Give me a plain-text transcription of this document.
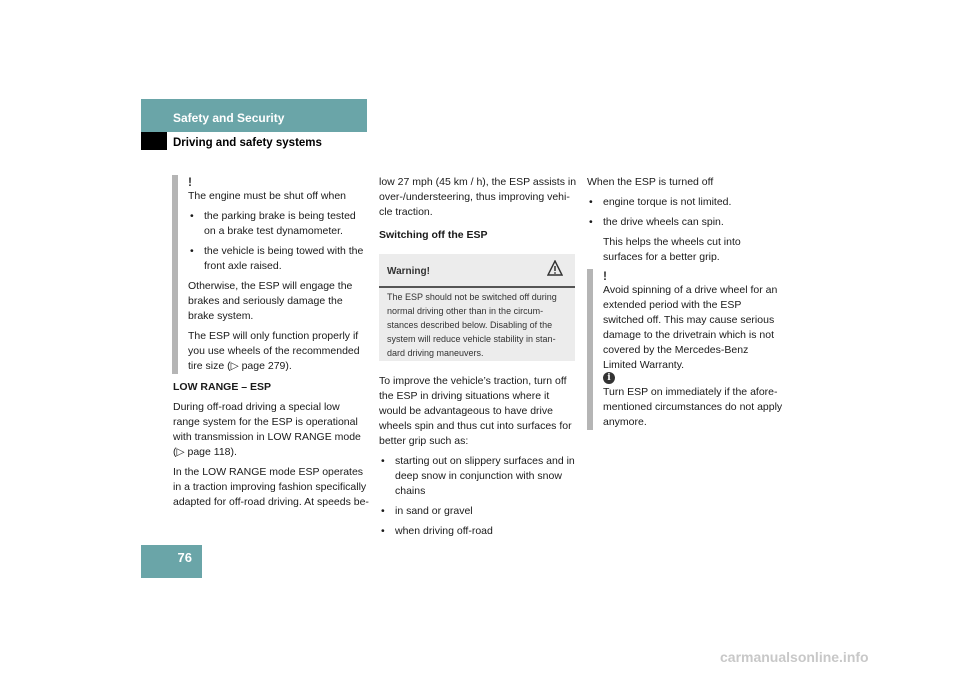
Safety and Security
Driving and safety systems
!

The engine must be shut off when

• the parking brake is being tested on a brake test dynamometer.
• the vehicle is being towed with the front axle raised.

Otherwise, the ESP will engage the brakes and seriously damage the brake system.

The ESP will only function properly if you use wheels of the recommended tire size (▷ page 279).

LOW RANGE – ESP

During off-road driving a special low range system for the ESP is operational with transmission in LOW RANGE mode (▷ page 118).

In the LOW RANGE mode ESP operates in a traction improving fashion specifically adapted for off-road driving. At speeds be-

low 27 mph (45 km / h), the ESP assists in over-/understeering, thus improving vehi-cle traction.

Switching off the ESP

Warning!
The ESP should not be switched off during normal driving other than in the circum-stances described below. Disabling of the system will reduce vehicle stability in stan-dard driving maneuvers.

To improve the vehicle’s traction, turn off the ESP in driving situations where it would be advantageous to have drive wheels spin and thus cut into surfaces for better grip such as:

• starting out on slippery surfaces and in deep snow in conjunction with snow chains
• in sand or gravel
• when driving off-road

When the ESP is turned off

• engine torque is not limited.
• the drive wheels can spin.

This helps the wheels cut into surfaces for a better grip.

!

Avoid spinning of a drive wheel for an extended period with the ESP switched off. This may cause serious damage to the drivetrain which is not covered by the Mercedes-Benz Limited Warranty.

i

Turn ESP on immediately if the afore-mentioned circumstances do not apply anymore.

76
carmanualsonline.info
